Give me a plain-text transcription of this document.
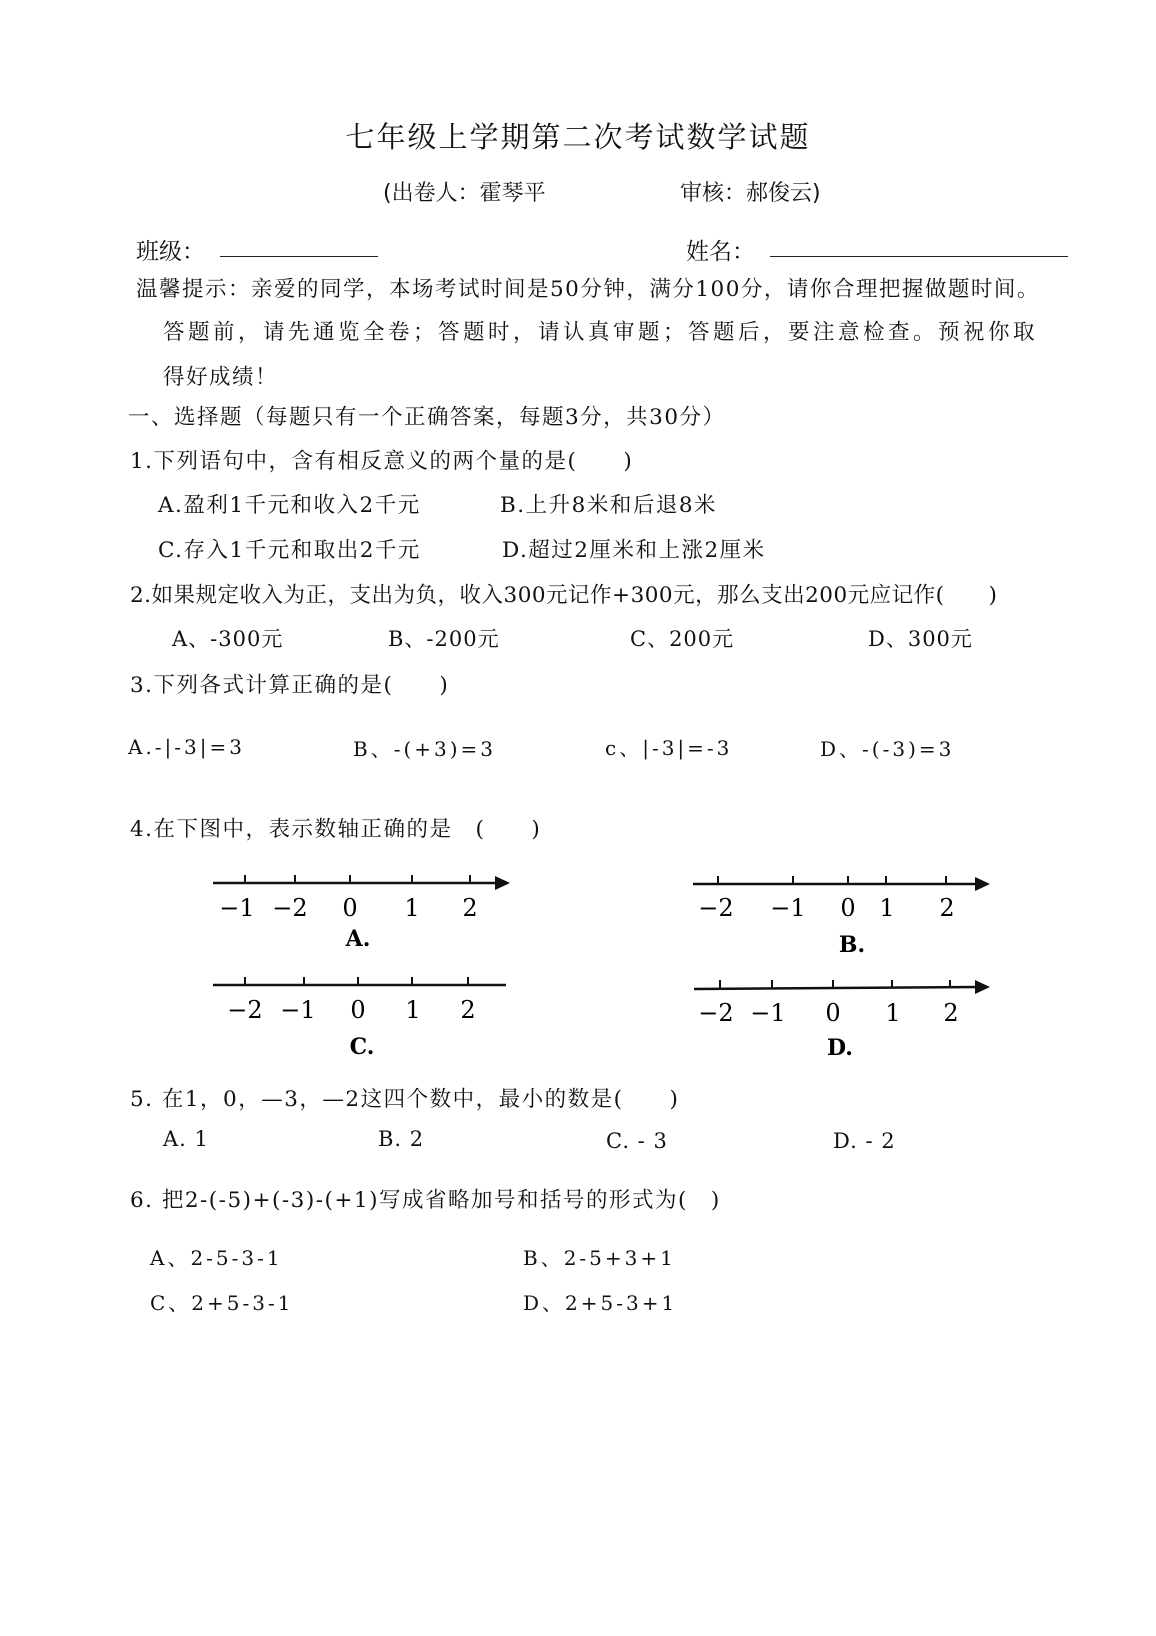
七年级上学期第二次考试数学试题
(出卷人：霍琴平	审核：郝俊云)
班级：	姓名：
温馨提示：亲爱的同学，本场考试时间是50分钟，满分100分，请你合理把握做题时间。
答题前，请先通览全卷；答题时，请认真审题；答题后，要注意检查。预祝你取
得好成绩！
一、选择题（每题只有一个正确答案，每题3分，共30分）
1.下列语句中，含有相反意义的两个量的是(　　)
A.盈利1千元和收入2千元	B.上升8米和后退8米
C.存入1千元和取出2千元	D.超过2厘米和上涨2厘米
2.如果规定收入为正，支出为负，收入300元记作+300元，那么支出200元应记作(　　)
A、-300元	B、-200元	C、200元	D、300元
3.下列各式计算正确的是(　　)
A.-|-3|=3	B、-(+3)=3	c、|-3|=-3	D、-(-3)=3
4.在下图中，表示数轴正确的是　(　　)
−1 −2 0 1 2
A.
−2 −1 0 1 2
B.
−2 −1 0 1 2
C.
−2 −1 0 1 2
D.
5. 在1，0，—3，—2这四个数中，最小的数是(　　)
A. 1	B. 2	C. - 3	D. - 2
6. 把2-(-5)+(-3)-(+1)写成省略加号和括号的形式为(　)
A、2-5-3-1	B、2-5+3+1
C、2+5-3-1	D、2+5-3+1
